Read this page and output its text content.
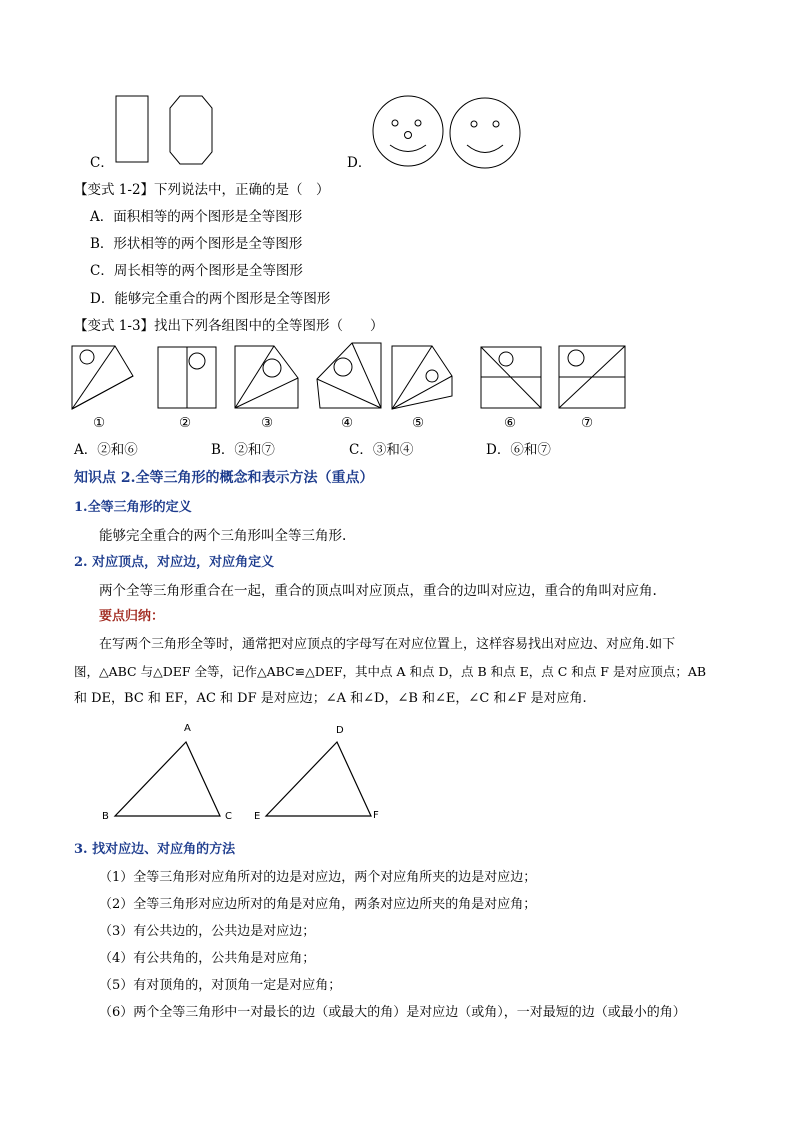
C．	D．
【变式 1-2】下列说法中，正确的是（　）
A．面积相等的两个图形是全等图形
B．形状相等的两个图形是全等图形
C．周长相等的两个图形是全等图形
D．能够完全重合的两个图形是全等图形
【变式 1-3】找出下列各组图中的全等图形（　　）
①	②	③	④	⑤	⑥	⑦
A．②和⑥	B．②和⑦	C．③和④	D．⑥和⑦
知识点 2.全等三角形的概念和表示方法（重点）
1.全等三角形的定义
能够完全重合的两个三角形叫全等三角形.
2. 对应顶点，对应边，对应角定义
两个全等三角形重合在一起，重合的顶点叫对应顶点，重合的边叫对应边，重合的角叫对应角.
要点归纳：
在写两个三角形全等时，通常把对应顶点的字母写在对应位置上，这样容易找出对应边、对应角.如下
图，△ABC 与△DEF 全等，记作△ABC≌△DEF，其中点 A 和点 D，点 B 和点 E，点 C 和点 F 是对应顶点；AB
和 DE，BC 和 EF，AC 和 DF 是对应边；∠A 和∠D，∠B 和∠E，∠C 和∠F 是对应角.
A
B	C
D
E	F
3. 找对应边、对应角的方法
（1）全等三角形对应角所对的边是对应边，两个对应角所夹的边是对应边；
（2）全等三角形对应边所对的角是对应角，两条对应边所夹的角是对应角；
（3）有公共边的，公共边是对应边；
（4）有公共角的，公共角是对应角；
（5）有对顶角的，对顶角一定是对应角；
（6）两个全等三角形中一对最长的边（或最大的角）是对应边（或角），一对最短的边（或最小的角）
